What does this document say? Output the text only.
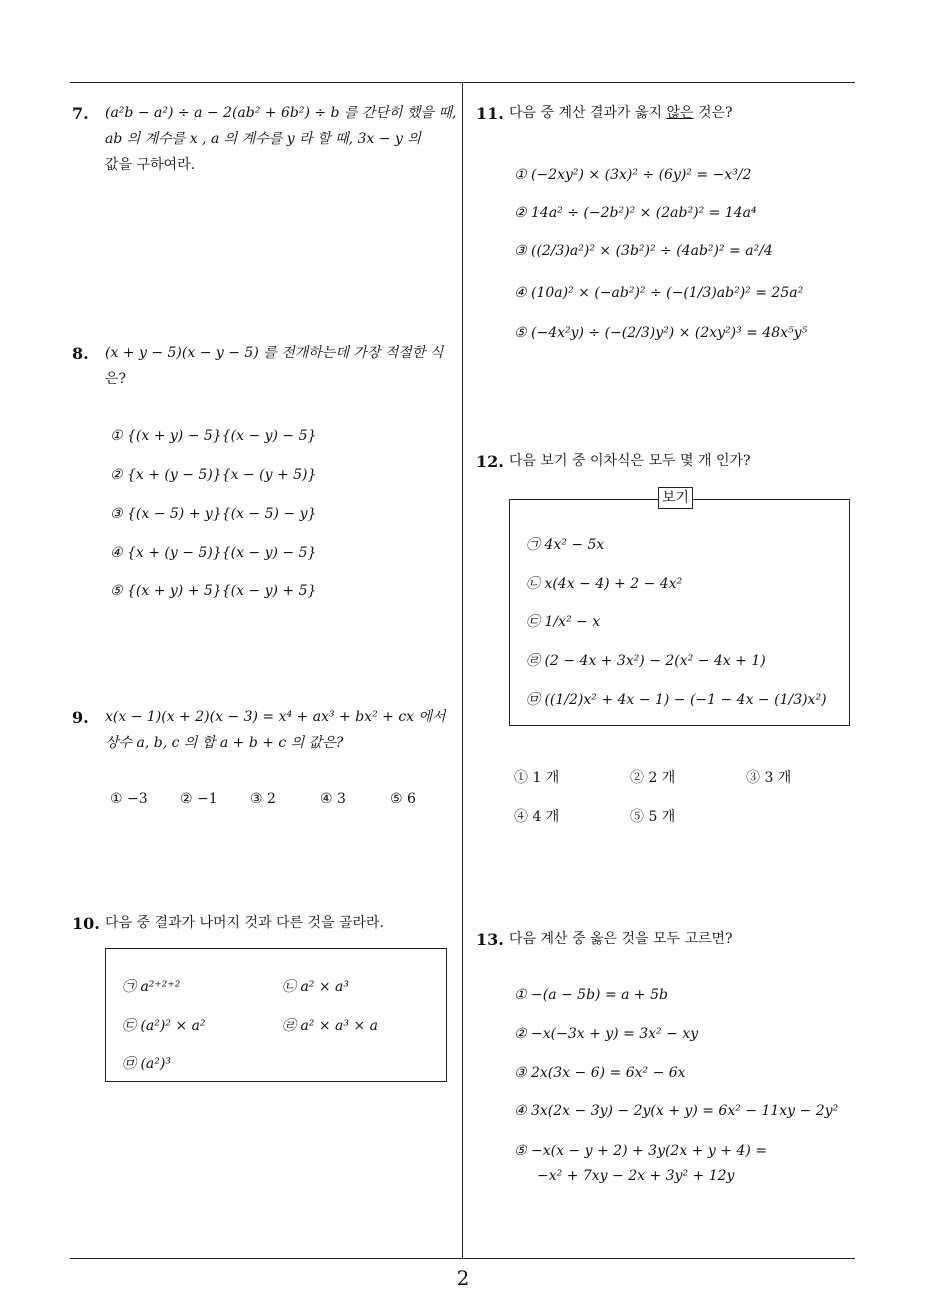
7. (a²b − a²) ÷ a − 2(ab² + 6b²) ÷ b 를 간단히 했을 때,
ab 의 계수를 x , a 의 계수를 y 라 할 때, 3x − y 의
값을 구하여라.
8. (x + y − 5)(x − y − 5) 를 전개하는데 가장 적절한 식
은?
① {(x + y) − 5}{(x − y) − 5}
② {x + (y − 5)}{x − (y + 5)}
③ {(x − 5) + y}{(x − 5) − y}
④ {x + (y − 5)}{(x − y) − 5}
⑤ {(x + y) + 5}{(x − y) + 5}
9. x(x − 1)(x + 2)(x − 3) = x⁴ + ax³ + bx² + cx 에서
상수 a, b, c 의 합 a + b + c 의 값은?
① −3 ② −1 ③ 2	④ 3	⑤ 6
10. 다음 중 결과가 나머지 것과 다른 것을 골라라.
㉠ a²⁺²⁺²	㉡ a² × a³
㉢ (a²)² × a²	㉣ a² × a³ × a
㉤ (a²)³
11. 다음 중 계산 결과가 옳지 않은 것은?
① (−2xy²) × (3x)² ÷ (6y)² = −x³/2
② 14a² ÷ (−2b²)² × (2ab²)² = 14a⁴
③ ((2/3)a²)² × (3b²)² ÷ (4ab²)² = a²/4
④ (10a)² × (−ab²)² ÷ (−(1/3)ab²)² = 25a²
⑤ (−4x²y) ÷ (−(2/3)y²) × (2xy²)³ = 48x⁵y⁵
12. 다음 보기 중 이차식은 모두 몇 개 인가?
보기
㉠ 4x² − 5x
㉡ x(4x − 4) + 2 − 4x²
㉢ 1/x² − x
㉣ (2 − 4x + 3x²) − 2(x² − 4x + 1)
㉤ ((1/2)x² + 4x − 1) − (−1 − 4x − (1/3)x²)
① 1 개	② 2 개	③ 3 개
④ 4 개	⑤ 5 개
13. 다음 계산 중 옳은 것을 모두 고르면?
① −(a − 5b) = a + 5b
② −x(−3x + y) = 3x² − xy
③ 2x(3x − 6) = 6x² − 6x
④ 3x(2x − 3y) − 2y(x + y) = 6x² − 11xy − 2y²
⑤ −x(x − y + 2) + 3y(2x + y + 4) =
−x² + 7xy − 2x + 3y² + 12y
2
